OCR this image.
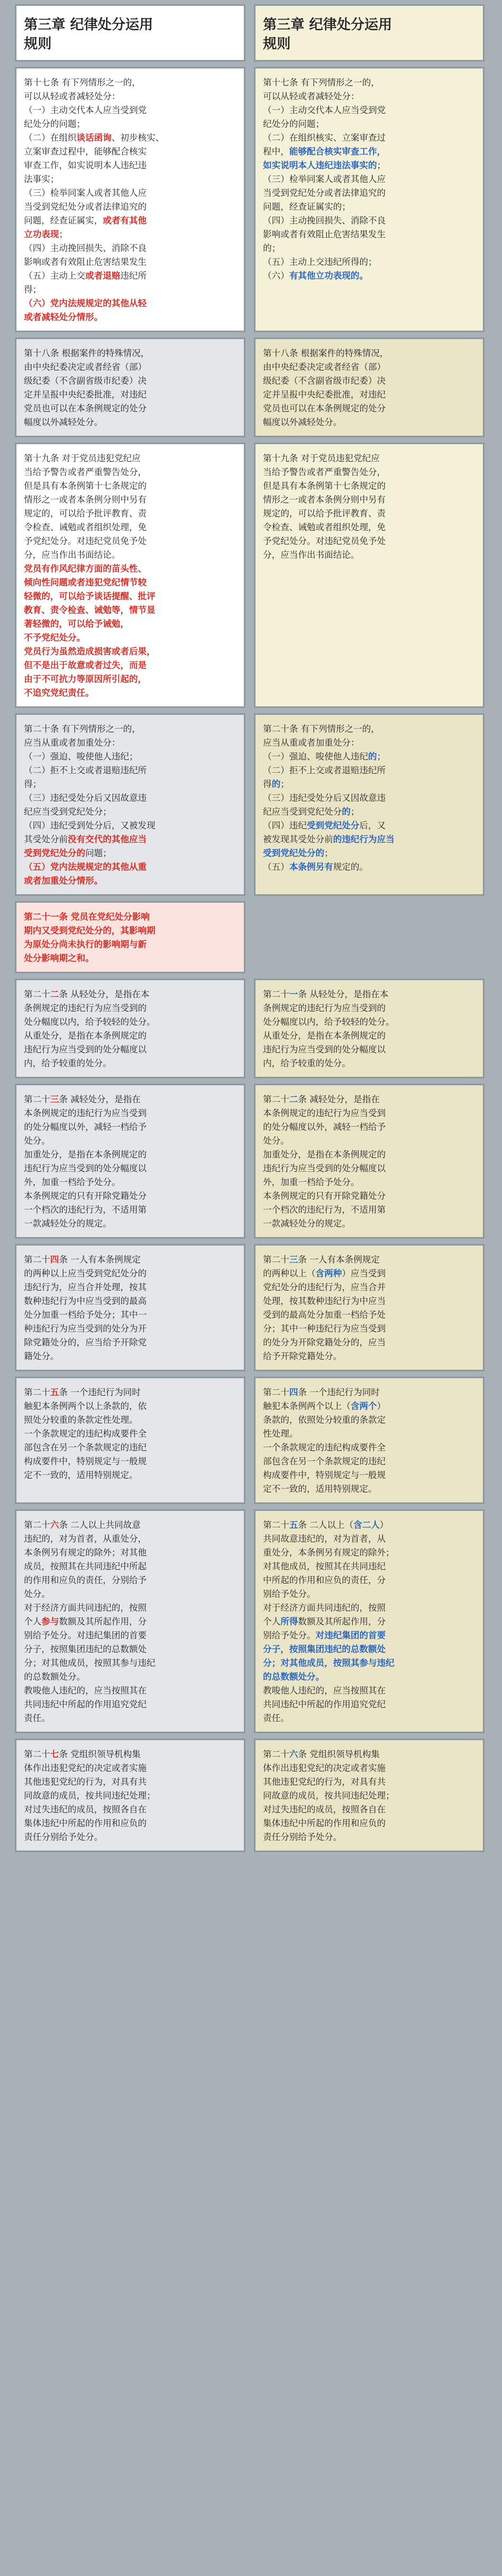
第三章 纪律处分运用
规则
第十七条 有下列情形之一的，
可以从轻或者减轻处分：
（一）主动交代本人应当受到党
纪处分的问题；
（二）在组织谈话函询、初步核实、
立案审查过程中，能够配合核实
审查工作，如实说明本人违纪违
法事实；
（三）检举同案人或者其他人应
当受到党纪处分或者法律追究的
问题，经查证属实，或者有其他
立功表现；
（四）主动挽回损失、消除不良
影响或者有效阻止危害结果发生
（五）主动上交或者退赔违纪所
得；
（六）党内法规规定的其他从轻
或者减轻处分情形。
第十八条 根据案件的特殊情况，
由中央纪委决定或者经省（部）
级纪委（不含副省级市纪委）决
定并呈报中央纪委批准，对违纪
党员也可以在本条例规定的处分
幅度以外减轻处分。
第十九条 对于党员违犯党纪应
当给予警告或者严重警告处分，
但是具有本条例第十七条规定的
情形之一或者本条例分则中另有
规定的，可以给予批评教育、责
令检查、诫勉或者组织处理，免
予党纪处分。对违纪党员免予处
分，应当作出书面结论。
党员有作风纪律方面的苗头性、
倾向性问题或者违犯党纪情节较
轻微的，可以给予谈话提醒、批评
教育、责令检查、诫勉等，情节显
著轻微的，可以给予诫勉，
不予党纪处分。
党员行为虽然造成损害或者后果，
但不是出于故意或者过失，而是
由于不可抗力等原因所引起的，
不追究党纪责任。
第二十条 有下列情形之一的，
应当从重或者加重处分：
（一）强迫、唆使他人违纪；
（二）拒不上交或者退赔违纪所
得；
（三）违纪受处分后又因故意违
纪应当受到党纪处分；
（四）违纪受到处分后，又被发现
其受处分前没有交代的其他应当
受到党纪处分的问题；
（五）党内法规规定的其他从重
或者加重处分情形。
第二十一条 党员在党纪处分影响
期内又受到党纪处分的，其影响期
为原处分尚未执行的影响期与新
处分影响期之和。
第二十二条 从轻处分，是指在本
条例规定的违纪行为应当受到的
处分幅度以内，给予较轻的处分。
从重处分，是指在本条例规定的
违纪行为应当受到的处分幅度以
内，给予较重的处分。
第二十三条 减轻处分，是指在
本条例规定的违纪行为应当受到
的处分幅度以外，减轻一档给予
处分。
加重处分，是指在本条例规定的
违纪行为应当受到的处分幅度以
外，加重一档给予处分。
本条例规定的只有开除党籍处分
一个档次的违纪行为，不适用第
一款减轻处分的规定。
第二十四条 一人有本条例规定
的两种以上应当受到党纪处分的
违纪行为，应当合并处理，按其
数种违纪行为中应当受到的最高
处分加重一档给予处分；其中一
种违纪行为应当受到的处分为开
除党籍处分的，应当给予开除党
籍处分。
第二十五条 一个违纪行为同时
触犯本条例两个以上条款的，依
照处分较重的条款定性处理。
一个条款规定的违纪构成要件全
部包含在另一个条款规定的违纪
构成要件中，特别规定与一般规
定不一致的，适用特别规定。
第二十六条 二人以上共同故意
违纪的，对为首者，从重处分，
本条例另有规定的除外；对其他
成员，按照其在共同违纪中所起
的作用和应负的责任，分别给予
处分。
对于经济方面共同违纪的，按照
个人参与数额及其所起作用，分
别给予处分。对违纪集团的首要
分子，按照集团违纪的总数额处
分；对其他成员，按照其参与违纪
的总数额处分。
教唆他人违纪的，应当按照其在
共同违纪中所起的作用追究党纪
责任。
第二十七条 党组织领导机构集
体作出违犯党纪的决定或者实施
其他违犯党纪的行为，对具有共
同故意的成员，按共同违纪处理；
对过失违纪的成员，按照各自在
集体违纪中所起的作用和应负的
责任分别给予处分。
第三章 纪律处分运用
规则
第十七条 有下列情形之一的，
可以从轻或者减轻处分：
（一）主动交代本人应当受到党
纪处分的问题；
（二）在组织核实、立案审查过
程中，能够配合核实审查工作，
如实说明本人违纪违法事实的；
（三）检举同案人或者其他人应
当受到党纪处分或者法律追究的
问题，经查证属实的；
（四）主动挽回损失、消除不良
影响或者有效阻止危害结果发生
的；
（五）主动上交违纪所得的；
（六）有其他立功表现的。
第十八条 根据案件的特殊情况，
由中央纪委决定或者经省（部）
级纪委（不含副省级市纪委）决
定并呈报中央纪委批准，对违纪
党员也可以在本条例规定的处分
幅度以外减轻处分。
第十九条 对于党员违犯党纪应
当给予警告或者严重警告处分，
但是具有本条例第十七条规定的
情形之一或者本条例分则中另有
规定的，可以给予批评教育、责
令检查、诫勉或者组织处理，免
予党纪处分。对违纪党员免予处
分，应当作出书面结论。
第二十条 有下列情形之一的，
应当从重或者加重处分：
（一）强迫、唆使他人违纪的；
（二）拒不上交或者退赔违纪所
得的；
（三）违纪受处分后又因故意违
纪应当受到党纪处分的；
（四）违纪受到党纪处分后，又
被发现其受处分前的违纪行为应当
受到党纪处分的；
（五）本条例另有规定的。
第二十一条 从轻处分，是指在本
条例规定的违纪行为应当受到的
处分幅度以内，给予较轻的处分。
从重处分，是指在本条例规定的
违纪行为应当受到的处分幅度以
内，给予较重的处分。
第二十二条 减轻处分，是指在
本条例规定的违纪行为应当受到
的处分幅度以外，减轻一档给予
处分。
加重处分，是指在本条例规定的
违纪行为应当受到的处分幅度以
外，加重一档给予处分。
本条例规定的只有开除党籍处分
一个档次的违纪行为，不适用第
一款减轻处分的规定。
第二十三条 一人有本条例规定
的两种以上（含两种）应当受到
党纪处分的违纪行为，应当合并
处理，按其数种违纪行为中应当
受到的最高处分加重一档给予处
分；其中一种违纪行为应当受到
的处分为开除党籍处分的，应当
给予开除党籍处分。
第二十四条 一个违纪行为同时
触犯本条例两个以上（含两个）
条款的，依照处分较重的条款定
性处理。
一个条款规定的违纪构成要件全
部包含在另一个条款规定的违纪
构成要件中，特别规定与一般规
定不一致的，适用特别规定。
第二十五条 二人以上（含二人）
共同故意违纪的，对为首者，从
重处分，本条例另有规定的除外；
对其他成员，按照其在共同违纪
中所起的作用和应负的责任，分
别给予处分。
对于经济方面共同违纪的，按照
个人所得数额及其所起作用，分
别给予处分。对违纪集团的首要
分子，按照集团违纪的总数额处
分；对其他成员，按照其参与违纪
的总数额处分。
教唆他人违纪的，应当按照其在
共同违纪中所起的作用追究党纪
责任。
第二十六条 党组织领导机构集
体作出违犯党纪的决定或者实施
其他违犯党纪的行为，对具有共
同故意的成员，按共同违纪处理；
对过失违纪的成员，按照各自在
集体违纪中所起的作用和应负的
责任分别给予处分。
